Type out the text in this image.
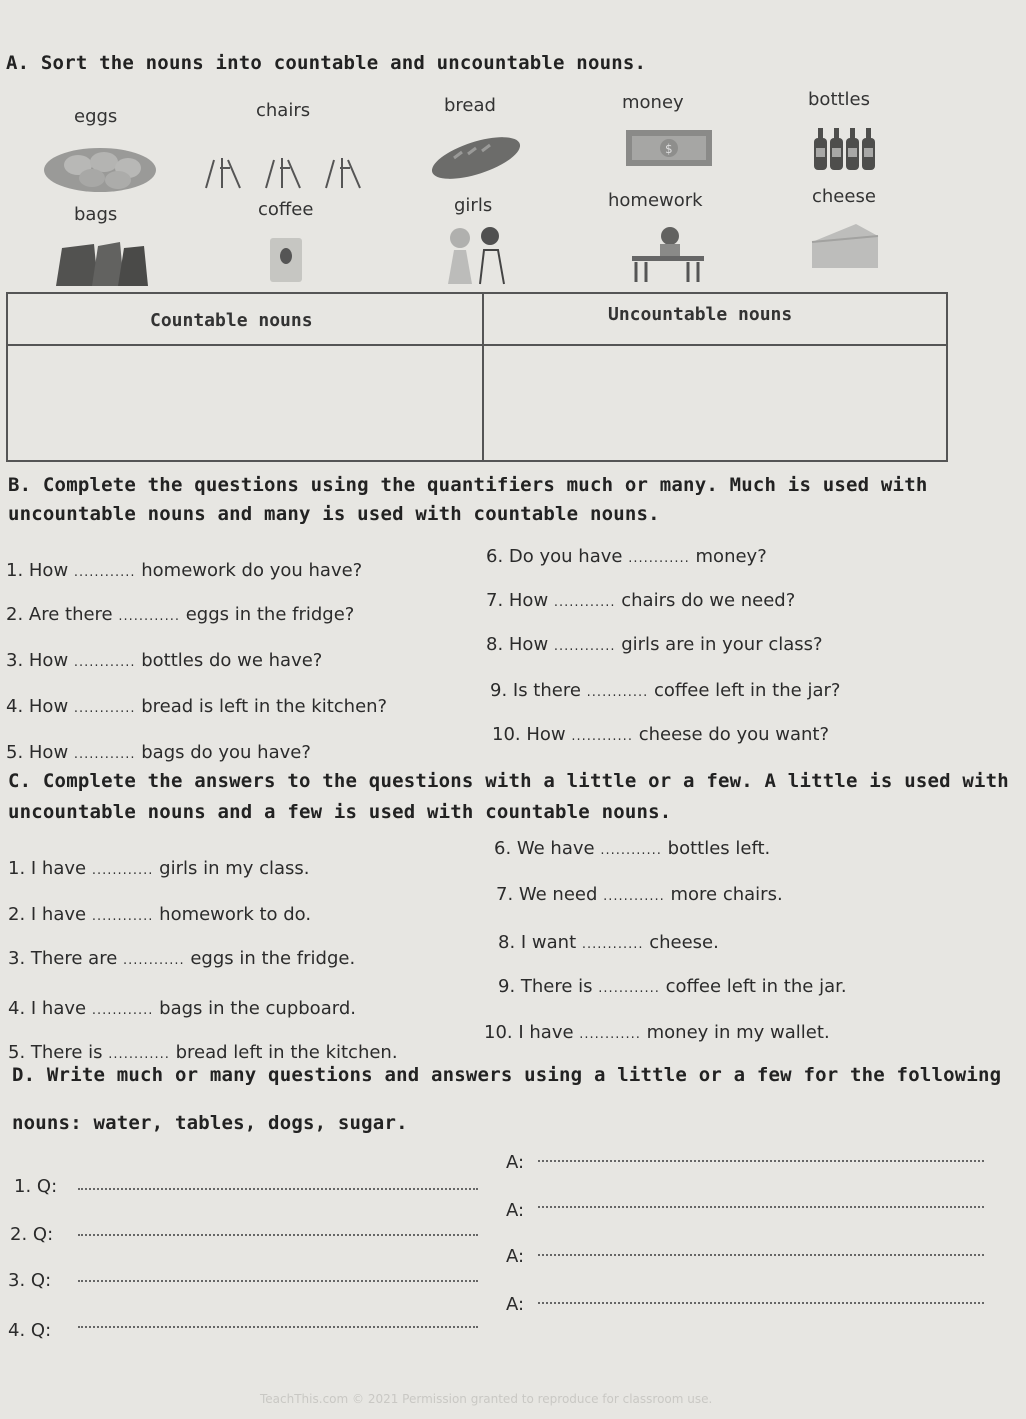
A. Sort the nouns into countable and uncountable nouns.
eggs	chairs	bread	money	bottles
bags	coffee	girls	homework	cheese
$
Countable nouns	Uncountable nouns
B. Complete the questions using the quantifiers much or many. Much is used with
uncountable nouns and many is used with countable nouns.
1. How ............ homework do you have?
2. Are there ............ eggs in the fridge?
3. How ............ bottles do we have?
4. How ............ bread is left in the kitchen?
5. How ............ bags do you have?
6. Do you have ............ money?
7. How ............ chairs do we need?
8. How ............ girls are in your class?
9. Is there ............ coffee left in the jar?
10. How ............ cheese do you want?
C. Complete the answers to the questions with a little or a few. A little is used with
uncountable nouns and a few is used with countable nouns.
1. I have ............ girls in my class.
2. I have ............ homework to do.
3. There are ............ eggs in the fridge.
4. I have ............ bags in the cupboard.
5. There is ............ bread left in the kitchen.
6. We have ............ bottles left.
7. We need ............ more chairs.
8. I want ............ cheese.
9. There is ............ coffee left in the jar.
10. I have ............ money in my wallet.
D. Write much or many questions and answers using a little or a few for the following
nouns: water, tables, dogs, sugar.
1. Q:
A:
2. Q:
A:
3. Q:
A:
4. Q:
A:
TeachThis.com © 2021 Permission granted to reproduce for classroom use.
